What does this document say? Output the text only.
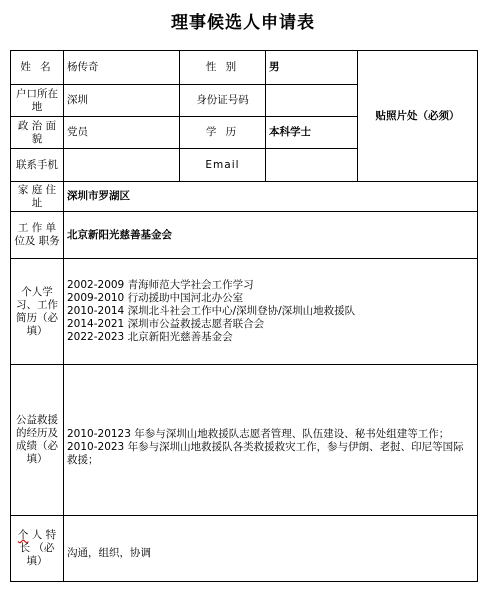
理事候选人申请表
姓 名	杨传奇	性 别	男	贴照片处（必须）
户口所在地	深圳	身份证号码		
政 治 面 貌	党员	学 历	本科学士	
联系手机		Email		
家 庭 住 址	深圳市罗湖区			
工 作 单 位及 职务	北京新阳光慈善基金会			
个人学习、工作简历（必填）	2002-2009 青海师范大学社会工作学习
2009-2010 行动援助中国河北办公室
2010-2014 深圳北斗社会工作中心/深圳登协/深圳山地救援队
2014-2021 深圳市公益救援志愿者联合会
2022-2023 北京新阳光慈善基金会			

公益救援的经历及成绩（必填）	2010-20123 年参与深圳山地救援队志愿者管理、队伍建设、秘书处组建等工作；
2010-2023 年参与深圳山地救援队各类救援救灾工作，参与伊朗、老挝、印尼等国际救援；			

个 人 特 长 （必填）	沟通，组织，协调			
